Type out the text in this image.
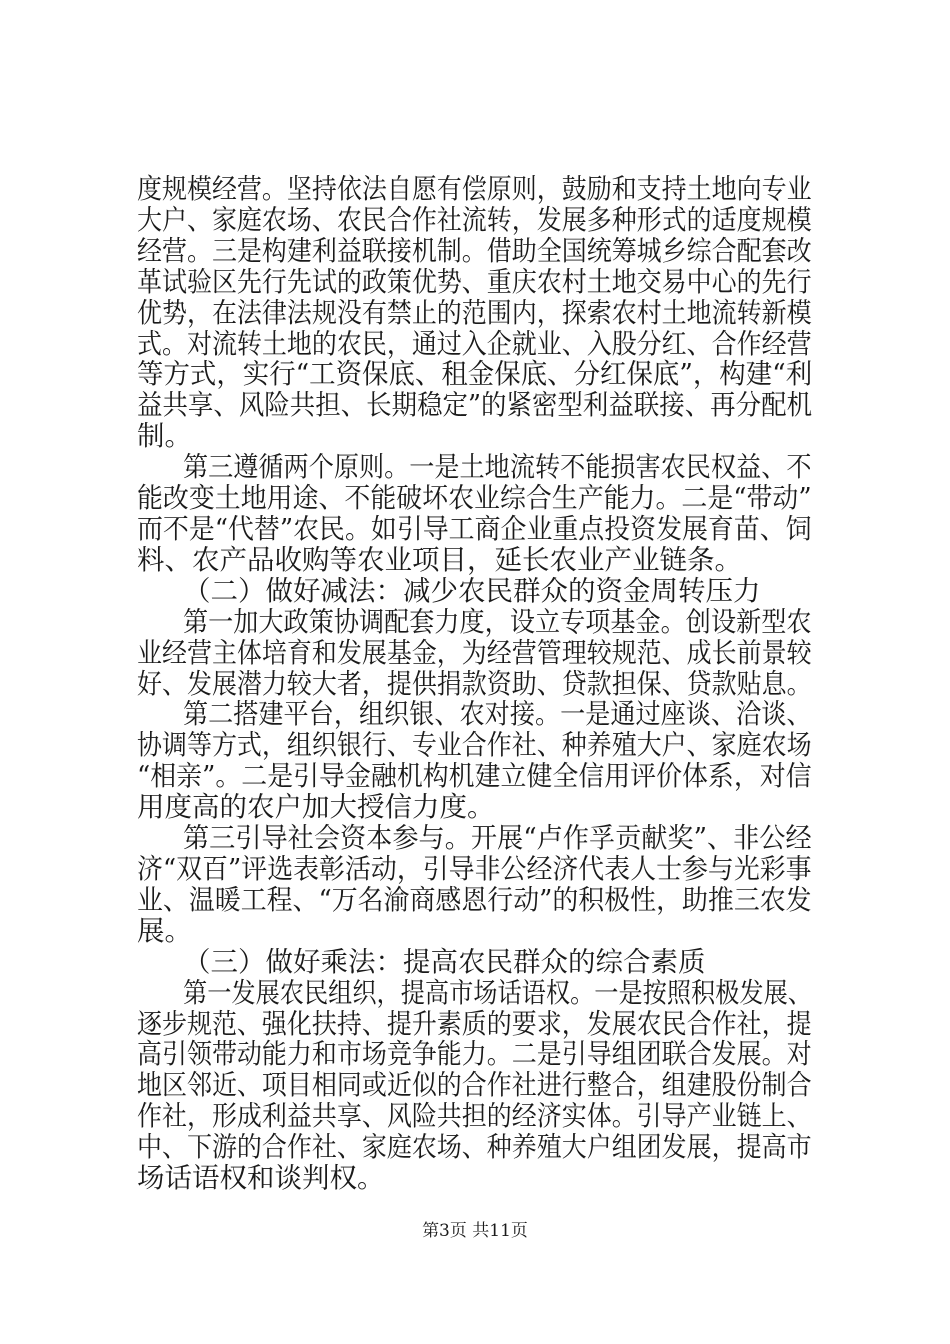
度规模经营。坚持依法自愿有偿原则，鼓励和支持土地向专业
大户、家庭农场、农民合作社流转，发展多种形式的适度规模
经营。三是构建利益联接机制。借助全国统筹城乡综合配套改
革试验区先行先试的政策优势、重庆农村土地交易中心的先行
优势，在法律法规没有禁止的范围内，探索农村土地流转新模
式。对流转土地的农民，通过入企就业、入股分红、合作经营
等方式，实行“工资保底、租金保底、分红保底”，构建“利
益共享、风险共担、长期稳定”的紧密型利益联接、再分配机
制。
第三遵循两个原则。一是土地流转不能损害农民权益、不
能改变土地用途、不能破坏农业综合生产能力。二是“带动”
而不是“代替”农民。如引导工商企业重点投资发展育苗、饲
料、农产品收购等农业项目，延长农业产业链条。
（二）做好减法：减少农民群众的资金周转压力
第一加大政策协调配套力度，设立专项基金。创设新型农
业经营主体培育和发展基金，为经营管理较规范、成长前景较
好、发展潜力较大者，提供捐款资助、贷款担保、贷款贴息。
第二搭建平台，组织银、农对接。一是通过座谈、洽谈、
协调等方式，组织银行、专业合作社、种养殖大户、家庭农场
“相亲”。二是引导金融机构机建立健全信用评价体系，对信
用度高的农户加大授信力度。
第三引导社会资本参与。开展“卢作孚贡献奖”、非公经
济“双百”评选表彰活动，引导非公经济代表人士参与光彩事
业、温暖工程、“万名渝商感恩行动”的积极性，助推三农发
展。
（三）做好乘法：提高农民群众的综合素质
第一发展农民组织，提高市场话语权。一是按照积极发展、
逐步规范、强化扶持、提升素质的要求，发展农民合作社，提
高引领带动能力和市场竞争能力。二是引导组团联合发展。对
地区邻近、项目相同或近似的合作社进行整合，组建股份制合
作社，形成利益共享、风险共担的经济实体。引导产业链上、
中、下游的合作社、家庭农场、种养殖大户组团发展，提高市
场话语权和谈判权。
第3页 共11页
